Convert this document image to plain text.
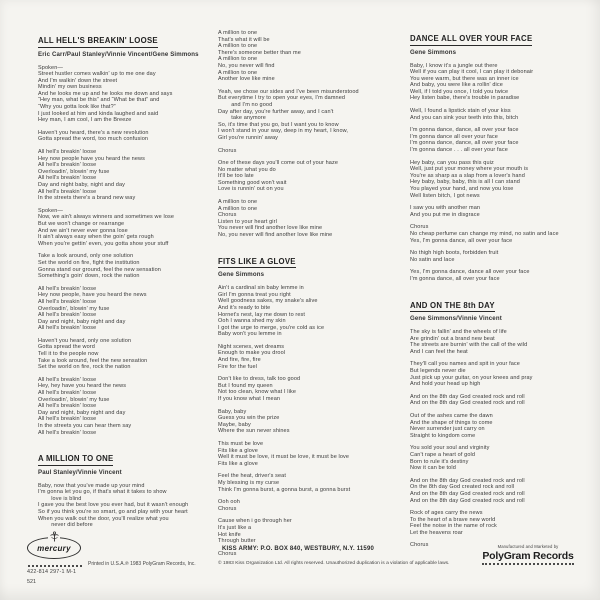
ALL HELL'S BREAKIN' LOOSE
Eric Carr/Paul Stanley/Vinnie Vincent/Gene Simmons
Spoken—
Street hustler comes walkin' up to me one day
And I'm walkin' down the street
Mindin' my own business
And he looks me up and he looks me down and says
“Hey man, what be this” and “What be that” and
“Why you gotta look like that?”
I just looked at him and kinda laughed and said
Hey man, I am cool, I am the Breeze
Haven't you heard, there's a new revolution
Gotta spread the word, too much confusion
All hell's breakin' loose
Hey now people have you heard the news
All hell's breakin' loose
Overloadin', blowin' my fuse
All hell's breakin' loose
Day and night baby, night and day
All hell's breakin' loose
In the streets there's a brand new way
Spoken—
Now, we ain't always winners and sometimes we lose
But we won't change or rearrange
And we ain't never ever gonna lose
It ain't always easy when the goin' gets rough
When you're gettin' even, you gotta show your stuff
Take a look around, only one solution
Set the world on fire, fight the institution
Gonna stand our ground, feel the new sensation
Something's goin' down, rock the nation
All hell's breakin' loose
Hey now people, have you heard the news
All hell's breakin' loose
Overloadin', blowin' my fuse
All hell's breakin' loose
Day and night, baby night and day
All hell's breakin' loose
Haven't you heard, only one solution
Gotta spread the word
Tell it to the people now
Take a look around, feel the new sensation
Set the world on fire, rock the nation
All hell's breakin' loose
Hey, hey have you heard the news
All hell's breakin' loose
Overloadin', blowin' my fuse
All hell's breakin' loose
Day and night, baby night and day
All hell's breakin' loose
In the streets you can hear them say
All hell's breakin' loose
A MILLION TO ONE
Paul Stanley/Vinnie Vincent
Baby, now that you've made up your mind
I'm gonna let you go, if that's what it takes to show
love is blind
I gave you the best love you ever had, but it wasn't enough
So if you think you're so smart, go and play with your heart
When you walk out the door, you'll realize what you
never did before
A million to one
That's what it will be
A million to one
There's someone better than me
A million to one
No, you never will find
A million to one
Another love like mine
Yeah, we chose our sides and I've been misunderstood
But everytime I try to open your eyes, I'm damned
and I'm no good
Day after day, you're further away, and I can't
take anymore
So, it's time that you go, but I want you to know
I won't stand in your way, deep in my heart, I know,
Girl you're runnin' away
Chorus
One of these days you'll come out of your haze
No matter what you do
It'll be too late
Something good won't wait
Love is runnin' out on you
A million to one
A million to one
Chorus
Listen to your heart girl
You never will find another love like mine
No, you never will find another love like mine
FITS LIKE A GLOVE
Gene Simmons
Ain't a cardinal sin baby lemme in
Girl I'm gonna treat you right
Well goodness sakes, my snake's alive
And it's ready to bite
Hornet's nest, lay me down to rest
Ooh I wanna shed my skin
I got the urge to merge, you're cold as ice
Baby won't you lemme in
Night scenes, wet dreams
Enough to make you drool
And fire, fire, fire
Fire for the fuel
Don't like to dress, talk too good
But I found my queen
Not too clean, know what I like
If you know what I mean
Baby, baby
Guess you win the prize
Maybe, baby
Where the sun never shines
This must be love
Fits like a glove
Well it must be love, it must be love, it must be love
Fits like a glove
Feel the heat, driver's seat
My blessing is my curse
Think I'm gonna burst, a gonna burst, a gonna burst
Ooh ooh
Chorus
Cause when i go through her
It's just like a
Hot knife
Through butter
Chorus
DANCE ALL OVER YOUR FACE
Gene Simmons
Baby, I know it's a jungle out there
Well if you can play it cool, I can play it debonair
You were warm, but there was an inner ice
And baby, you were like a rollin' dice
Well, if I told you once, I told you twice
Hey listen babe, there's trouble in paradise
Well, I found a lipstick stain of your kiss
And you can sink your teeth into this, bitch
I'm gonna dance, dance, all over your face
I'm gonna dance all over your face
I'm gonna dance, dance, all over your face
I'm gonna dance . . . all over your face
Hey baby, can you pass this quiz
Well, just put your money where your mouth is
You're as sharp as a slap from a lover's hand
Hey baby, baby, baby, this is all I can stand
You played your hand, and now you lose
Well listen bitch, I got news
I saw you with another man
And you put me in disgrace
Chorus
No cheap perfume can change my mind, no satin and lace
Yes, I'm gonna dance, all over your face
No thigh high boots, forbidden fruit
No satin and lace
Yes, I'm gonna dance, dance all over your face
I'm gonna dance, all over your face
AND ON THE 8th DAY
Gene Simmons/Vinnie Vincent
The sky is fallin' and the wheels of life
Are grindin' out a brand new beat
The streets are burnin' with the call of the wild
And I can feel the heat
They'll call you names and spit in your face
But legends never die
Just pick up your guitar, on your knees and pray
And hold your head up high
And on the 8th day God created rock and roll
And on the 8th day God created rock and roll
Out of the ashes came the dawn
And the shape of things to come
Never surrender just carry on
Straight to kingdom come
You sold your soul and virginity
Can't rape a heart of gold
Born to rule it's destiny
Now it can be told
And on the 8th day God created rock and roll
On the 8th day God created rock and roll
And on the 8th day God created rock and roll
And on the 8th day God created rock and roll
Rock of ages carry the news
To the heart of a brave new world
Feel the noise in the name of rock
Let the heavens roar
Chorus
mercury
422-814 297-1 M-1
521
Printed in U.S.A. ℗ 1983 PolyGram Records, Inc.
KISS ARMY: P.O. BOX 840, WESTBURY, N.Y. 11590
© 1983 Kiss Organization Ltd. All rights reserved. Unauthorized duplication is a violation of applicable laws.
Manufactured and Marketed by
PolyGram Records
